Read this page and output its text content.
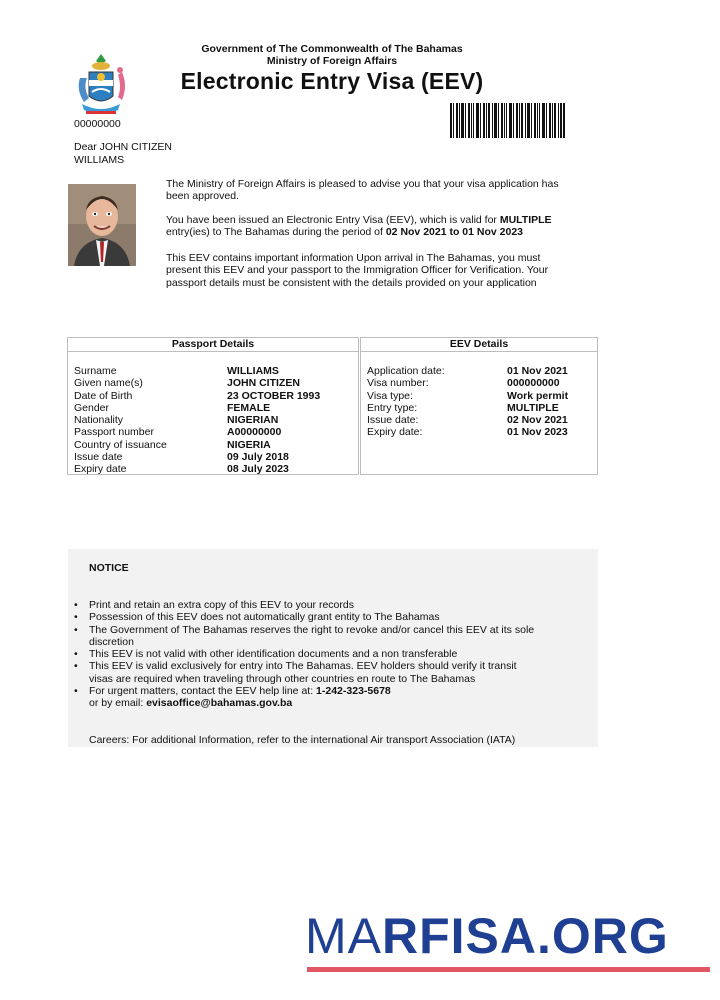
Government of The Commonwealth of The Bahamas
Ministry of Foreign Affairs
Electronic Entry Visa (EEV)
00000000
Dear JOHN CITIZEN
WILLIAMS
The Ministry of Foreign Affairs is pleased to advise you that your visa application has been approved.
You have been issued an Electronic Entry Visa (EEV), which is valid for MULTIPLE entry(ies) to The Bahamas during the period of 02 Nov 2021 to 01 Nov 2023
This EEV contains important information Upon arrival in The Bahamas, you must present this EEV and your passport to the Immigration Officer for Verification. Your passport details must be consistent with the details provided on your application
Passport Details
Surname	WILLIAMS
Given name(s)	JOHN CITIZEN
Date of Birth	23 OCTOBER 1993
Gender	FEMALE
Nationality	NIGERIAN
Passport number	A00000000
Country of issuance	NIGERIA
Issue date	09 July 2018
Expiry date	08 July 2023
EEV Details
Application date:	01 Nov 2021
Visa number:	000000000
Visa type:	Work permit
Entry type:	MULTIPLE
Issue date:	02 Nov 2021
Expiry date:	01 Nov 2023
NOTICE
• Print and retain an extra copy of this EEV to your records
• Possession of this EEV does not automatically grant entity to The Bahamas
• The Government of The Bahamas reserves the right to revoke and/or cancel this EEV at its sole discretion
• This EEV is not valid with other identification documents and a non transferable
• This EEV is valid exclusively for entry into The Bahamas. EEV holders should verify it transit visas are required when traveling through other countries en route to The Bahamas
• For urgent matters, contact the EEV help line at: 1-242-323-5678
or by email: evisaoffice@bahamas.gov.ba
Careers: For additional Information, refer to the international Air transport Association (IATA)
MARFISA.ORG
